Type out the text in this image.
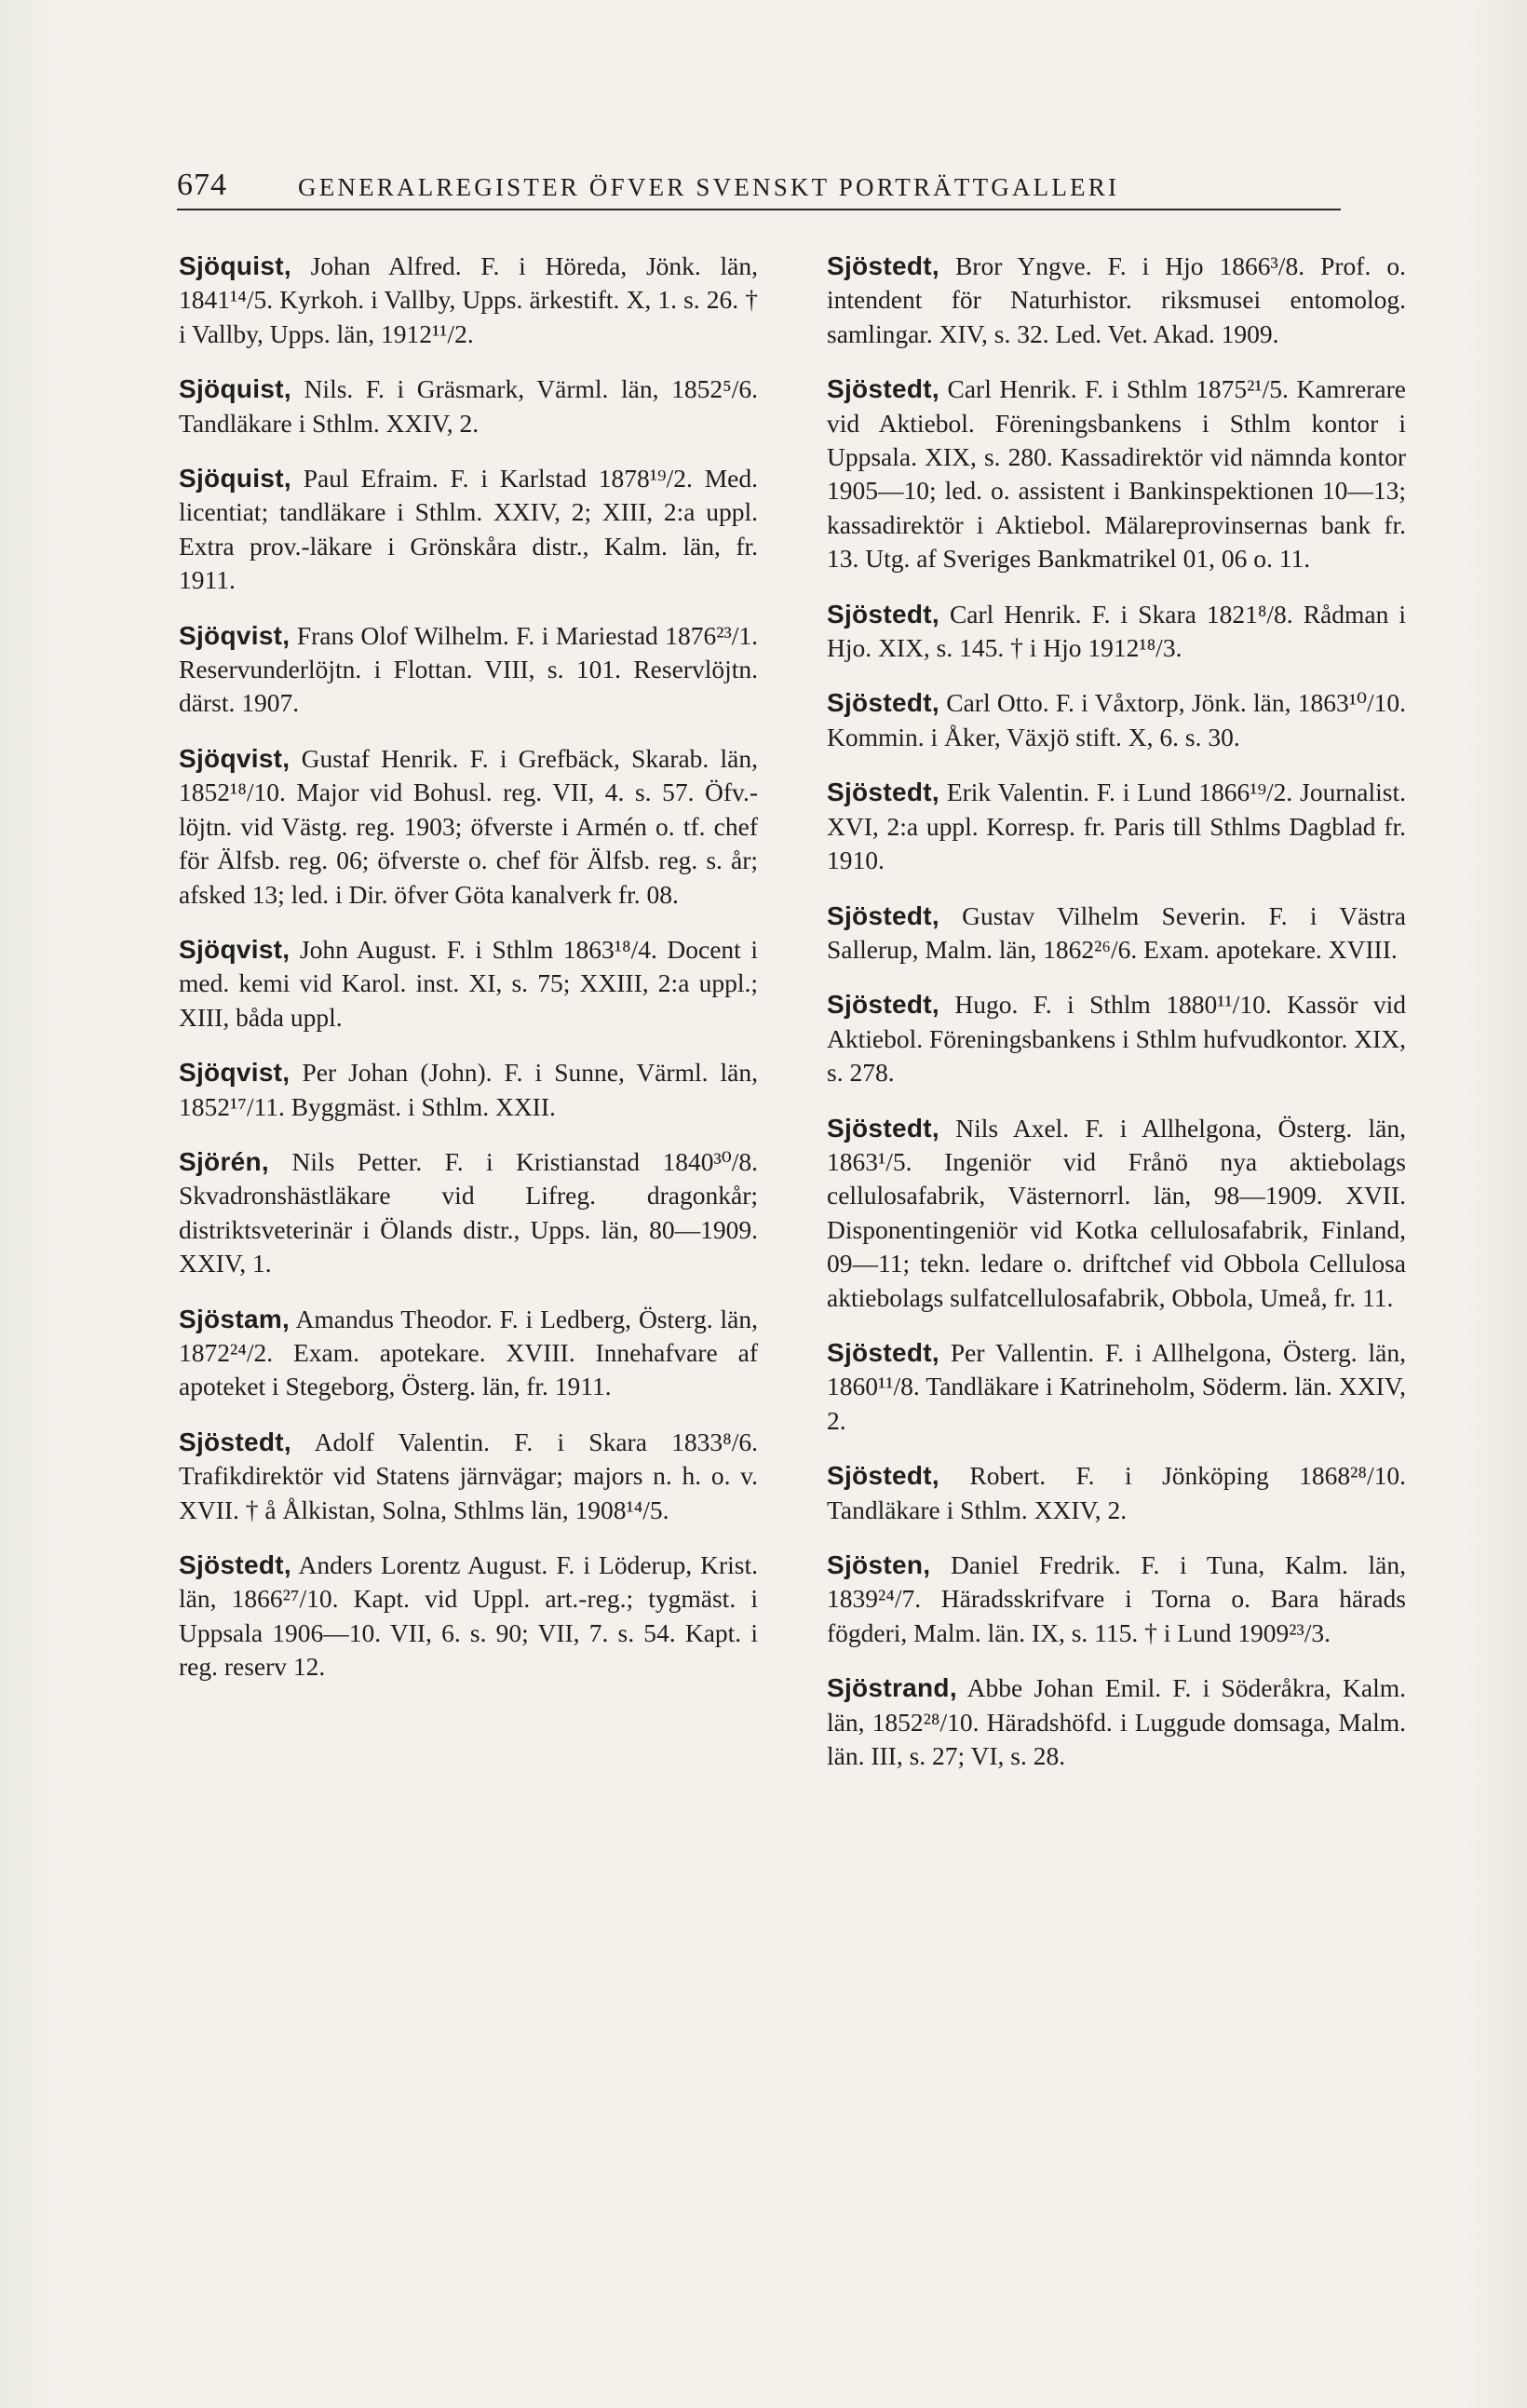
674	GENERALREGISTER ÖFVER SVENSKT PORTRÄTTGALLERI

Sjöquist, Johan Alfred. F. i Höreda, Jönk. län, 1841¹⁴/5. Kyrkoh. i Vallby, Upps. ärkestift. X, 1. s. 26. † i Vallby, Upps. län, 1912¹¹/2.

Sjöquist, Nils. F. i Gräsmark, Värml. län, 1852⁵/6. Tandläkare i Sthlm. XXIV, 2.

Sjöquist, Paul Efraim. F. i Karlstad 1878¹⁹/2. Med. licentiat; tandläkare i Sthlm. XXIV, 2; XIII, 2:a uppl. Extra prov.-läkare i Grönskåra distr., Kalm. län, fr. 1911.

Sjöqvist, Frans Olof Wilhelm. F. i Mariestad 1876²³/1. Reservunderlöjtn. i Flottan. VIII, s. 101. Reservlöjtn. därst. 1907.

Sjöqvist, Gustaf Henrik. F. i Grefbäck, Skarab. län, 1852¹⁸/10. Major vid Bohusl. reg. VII, 4. s. 57. Öfv.-löjtn. vid Västg. reg. 1903; öfverste i Armén o. tf. chef för Älfsb. reg. 06; öfverste o. chef för Älfsb. reg. s. år; afsked 13; led. i Dir. öfver Göta kanalverk fr. 08.

Sjöqvist, John August. F. i Sthlm 1863¹⁸/4. Docent i med. kemi vid Karol. inst. XI, s. 75; XXIII, 2:a uppl.; XIII, båda uppl.

Sjöqvist, Per Johan (John). F. i Sunne, Värml. län, 1852¹⁷/11. Byggmäst. i Sthlm. XXII.

Sjörén, Nils Petter. F. i Kristianstad 1840³⁰/8. Skvadronshästläkare vid Lifreg. dragonkår; distriktsveterinär i Ölands distr., Upps. län, 80—1909. XXIV, 1.

Sjöstam, Amandus Theodor. F. i Ledberg, Österg. län, 1872²⁴/2. Exam. apotekare. XVIII. Innehafvare af apoteket i Stegeborg, Österg. län, fr. 1911.

Sjöstedt, Adolf Valentin. F. i Skara 1833⁸/6. Trafikdirektör vid Statens järnvägar; majors n. h. o. v. XVII. † å Ålkistan, Solna, Sthlms län, 1908¹⁴/5.

Sjöstedt, Anders Lorentz August. F. i Löderup, Krist. län, 1866²⁷/10. Kapt. vid Uppl. art.-reg.; tygmäst. i Uppsala 1906—10. VII, 6. s. 90; VII, 7. s. 54. Kapt. i reg. reserv 12.

Sjöstedt, Bror Yngve. F. i Hjo 1866³/8. Prof. o. intendent för Naturhistor. riksmusei entomolog. samlingar. XIV, s. 32. Led. Vet. Akad. 1909.

Sjöstedt, Carl Henrik. F. i Sthlm 1875²¹/5. Kamrerare vid Aktiebol. Föreningsbankens i Sthlm kontor i Uppsala. XIX, s. 280. Kassadirektör vid nämnda kontor 1905—10; led. o. assistent i Bankinspektionen 10—13; kassadirektör i Aktiebol. Mälareprovinsernas bank fr. 13. Utg. af Sveriges Bankmatrikel 01, 06 o. 11.

Sjöstedt, Carl Henrik. F. i Skara 1821⁸/8. Rådman i Hjo. XIX, s. 145. † i Hjo 1912¹⁸/3.

Sjöstedt, Carl Otto. F. i Våxtorp, Jönk. län, 1863¹⁰/10. Kommin. i Åker, Växjö stift. X, 6. s. 30.

Sjöstedt, Erik Valentin. F. i Lund 1866¹⁹/2. Journalist. XVI, 2:a uppl. Korresp. fr. Paris till Sthlms Dagblad fr. 1910.

Sjöstedt, Gustav Vilhelm Severin. F. i Västra Sallerup, Malm. län, 1862²⁶/6. Exam. apotekare. XVIII.

Sjöstedt, Hugo. F. i Sthlm 1880¹¹/10. Kassör vid Aktiebol. Föreningsbankens i Sthlm hufvudkontor. XIX, s. 278.

Sjöstedt, Nils Axel. F. i Allhelgona, Österg. län, 1863¹/5. Ingeniör vid Frånö nya aktiebolags cellulosafabrik, Västernorrl. län, 98—1909. XVII. Disponentingeniör vid Kotka cellulosafabrik, Finland, 09—11; tekn. ledare o. driftchef vid Obbola Cellulosa aktiebolags sulfatcellulosafabrik, Obbola, Umeå, fr. 11.

Sjöstedt, Per Vallentin. F. i Allhelgona, Österg. län, 1860¹¹/8. Tandläkare i Katrineholm, Söderm. län. XXIV, 2.

Sjöstedt, Robert. F. i Jönköping 1868²⁸/10. Tandläkare i Sthlm. XXIV, 2.

Sjösten, Daniel Fredrik. F. i Tuna, Kalm. län, 1839²⁴/7. Häradsskrifvare i Torna o. Bara härads fögderi, Malm. län. IX, s. 115. † i Lund 1909²³/3.

Sjöstrand, Abbe Johan Emil. F. i Söderåkra, Kalm. län, 1852²⁸/10. Häradshöfd. i Luggude domsaga, Malm. län. III, s. 27; VI, s. 28.
